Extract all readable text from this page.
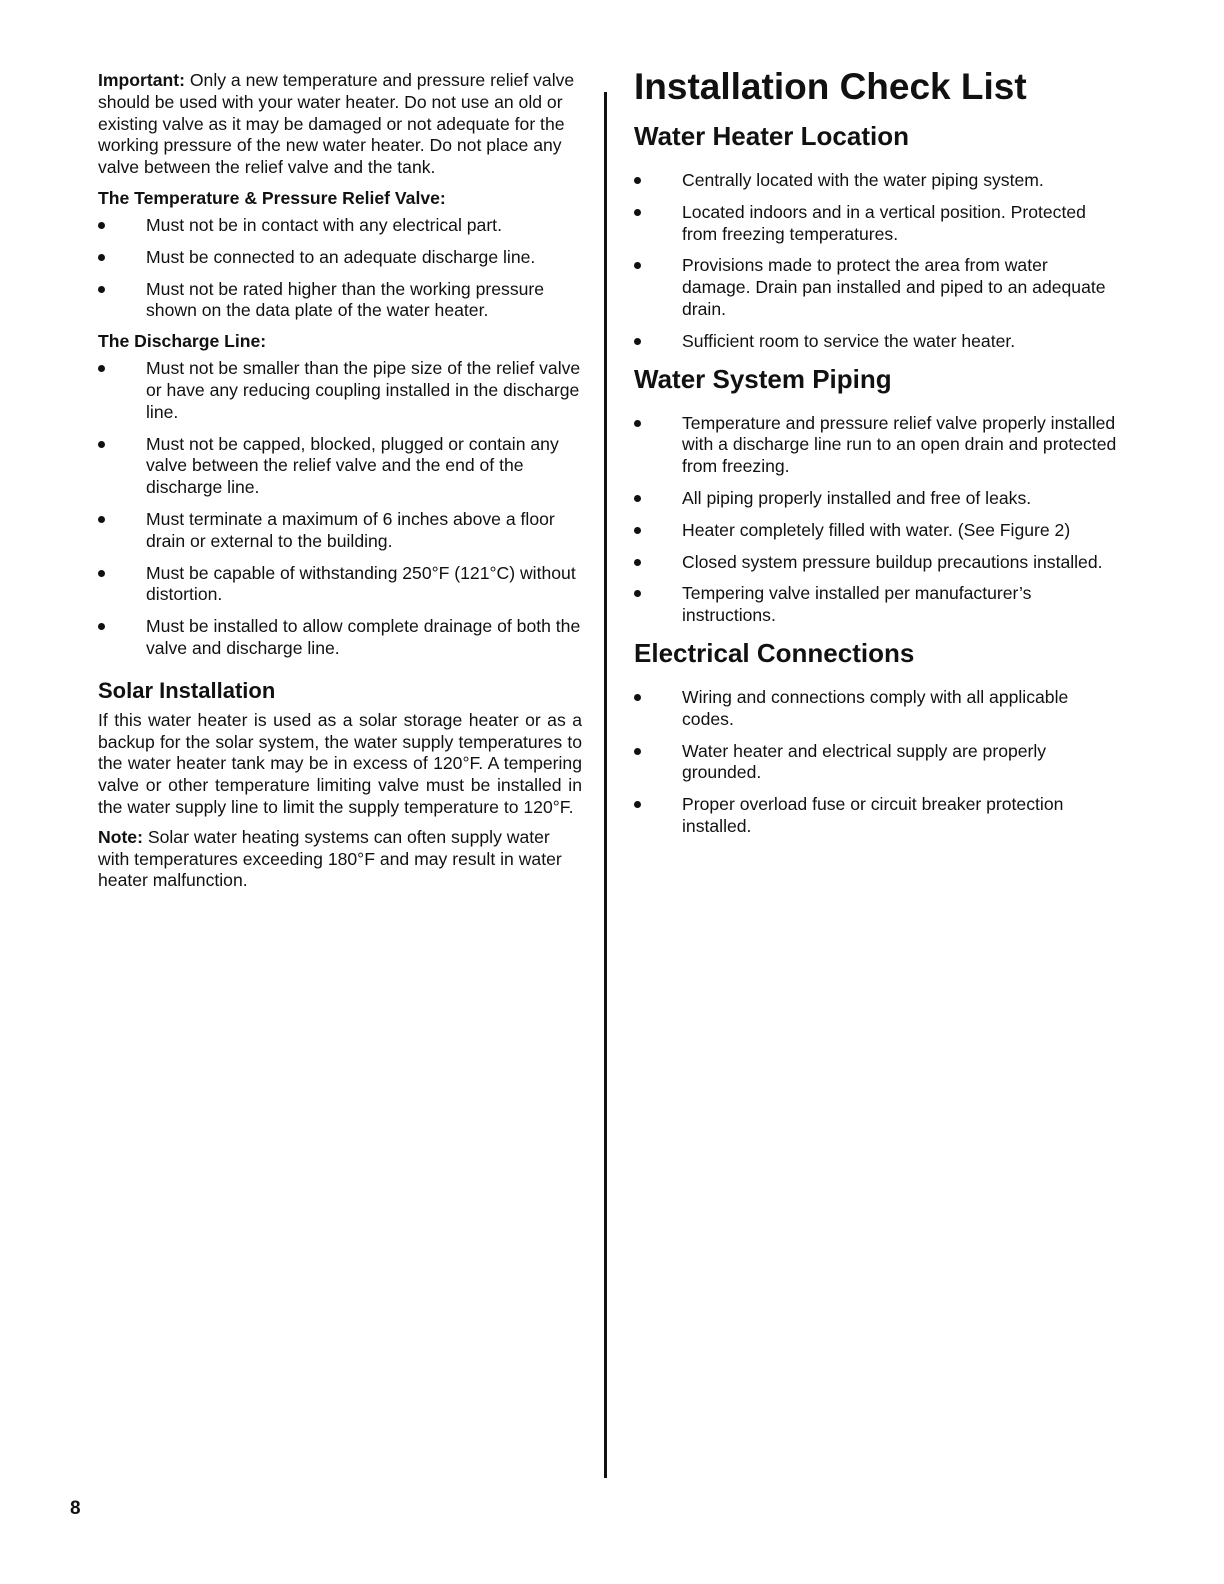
Important: Only a new temperature and pressure relief valve should be used with your water heater. Do not use an old or existing valve as it may be damaged or not adequate for the working pressure of the new water heater. Do not place any valve between the relief valve and the tank.

The Temperature & Pressure Relief Valve:
Must not be in contact with any electrical part.
Must be connected to an adequate discharge line.
Must not be rated higher than the working pressure shown on the data plate of the water heater.
The Discharge Line:
Must not be smaller than the pipe size of the relief valve or have any reducing coupling installed in the discharge line.
Must not be capped, blocked, plugged or contain any valve between the relief valve and the end of the discharge line.
Must terminate a maximum of 6 inches above a floor drain or external to the building.
Must be capable of withstanding 250°F (121°C) without distortion.
Must be installed to allow complete drainage of both the valve and discharge line.
Solar Installation

If this water heater is used as a solar storage heater or as a backup for the solar system, the water supply temperatures to the water heater tank may be in excess of 120°F. A tempering valve or other temperature limiting valve must be installed in the water supply line to limit the supply temperature to 120°F.

Note: Solar water heating systems can often supply water with temperatures exceeding 180°F and may result in water heater malfunction.

Installation Check List
Water Heater Location
Centrally located with the water piping system.
Located indoors and in a vertical position. Protected from freezing temperatures.
Provisions made to protect the area from water damage. Drain pan installed and piped to an adequate drain.
Sufficient room to service the water heater.
Water System Piping
Temperature and pressure relief valve properly installed with a discharge line run to an open drain and protected from freezing.
All piping properly installed and free of leaks.
Heater completely filled with water. (See Figure 2)
Closed system pressure buildup precautions installed.
Tempering valve installed per manufacturer’s instructions.
Electrical Connections
Wiring and connections comply with all applicable codes.
Water heater and electrical supply are properly grounded.
Proper overload fuse or circuit breaker protection installed.
8
